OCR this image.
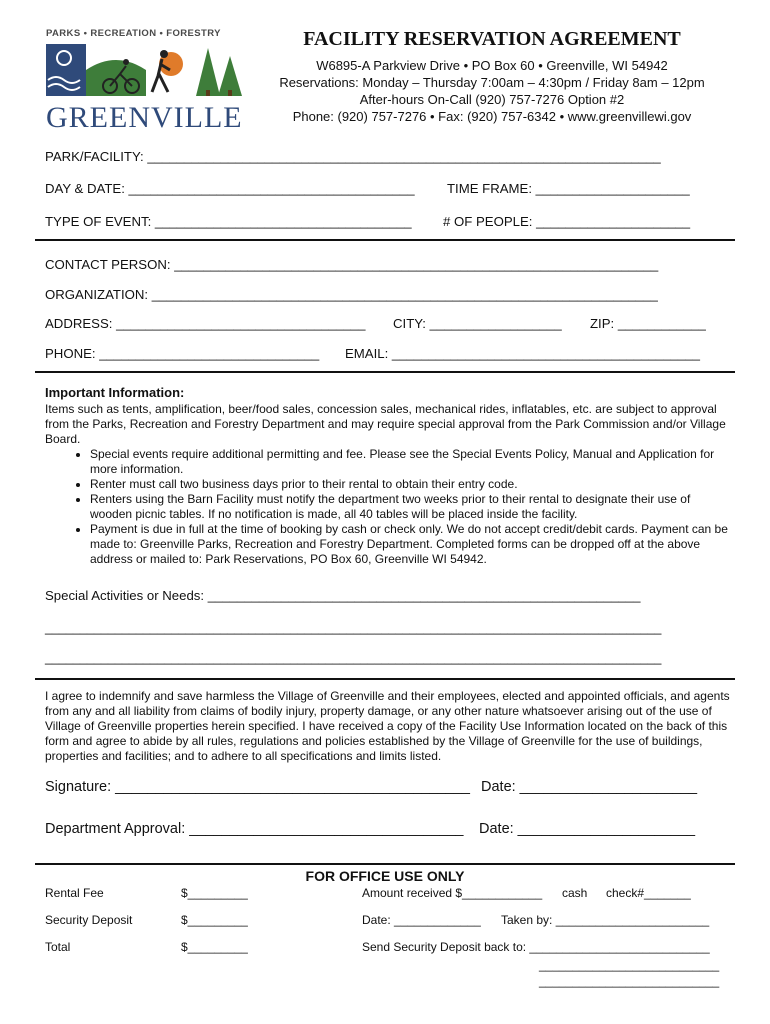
PARKS • RECREATION • FORESTRY
GREENVILLE
FACILITY RESERVATION AGREEMENT
W6895-A Parkview Drive • PO Box 60 • Greenville, WI 54942
Reservations: Monday – Thursday 7:00am – 4:30pm / Friday 8am – 12pm
After-hours On-Call (920) 757-7276 Option #2
Phone: (920) 757-7276 • Fax: (920) 757-6342 • www.greenvillewi.gov
PARK/FACILITY: ______________________________________________________________________
DAY & DATE: _______________________________________ TIME FRAME: _____________________
TYPE OF EVENT: ___________________________________ # OF PEOPLE: _____________________
CONTACT PERSON: __________________________________________________________________
ORGANIZATION: _____________________________________________________________________
ADDRESS: __________________________________ CITY: __________________ ZIP: ____________
PHONE: ______________________________ EMAIL: __________________________________________
Important Information:

Items such as tents, amplification, beer/food sales, concession sales, mechanical rides, inflatables, etc. are subject to approval from the Parks, Recreation and Forestry Department and may require special approval from the Park Commission and/or Village Board.

• Special events require additional permitting and fee. Please see the Special Events Policy, Manual and Application for more information.
• Renter must call two business days prior to their rental to obtain their entry code.
• Renters using the Barn Facility must notify the department two weeks prior to their rental to designate their use of wooden picnic tables. If no notification is made, all 40 tables will be placed inside the facility.
• Payment is due in full at the time of booking by cash or check only. We do not accept credit/debit cards. Payment can be made to: Greenville Parks, Recreation and Forestry Department. Completed forms can be dropped off at the above address or mailed to: Park Reservations, PO Box 60, Greenville WI 54942.
Special Activities or Needs: ___________________________________________________________
________________________________________________________________________________________
________________________________________________________________________________________
I agree to indemnify and save harmless the Village of Greenville and their employees, elected and appointed officials, and agents from any and all liability from claims of bodily injury, property damage, or any other nature whatsoever arising out of the use of Village of Greenville properties herein specified. I have received a copy of the Facility Use Information located on the back of this form and agree to abide by all rules, regulations and policies established by the Village of Greenville for the use of buildings, properties and facilities; and to adhere to all specifications and limits listed.
Signature: ____________________________________________ Date: ______________________
Department Approval: __________________________________ Date: ______________________
FOR OFFICE USE ONLY
Rental Fee	$_________	Amount received $____________ cash check#_______
Security Deposit	$_________	Date: _____________ Taken by: _______________________
Total	$_________	Send Security Deposit back to: ___________________________
___________________________
___________________________
